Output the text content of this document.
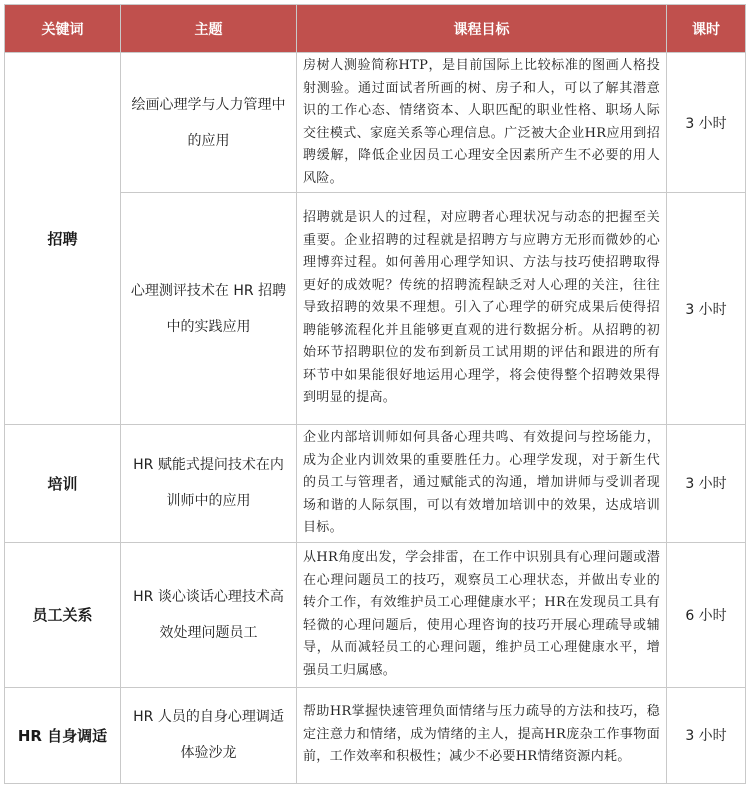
关键词	主题	课程目标	课时
招聘	绘画心理学与人力管理中的应用	房树人测验简称HTP，是目前国际上比较标准的图画人格投射测验。通过面试者所画的树、房子和人，可以了解其潜意识的工作心态、情绪资本、人职匹配的职业性格、职场人际交往模式、家庭关系等心理信息。广泛被大企业HR应用到招聘缓解，降低企业因员工心理安全因素所产生不必要的用人风险。	3 小时
	心理测评技术在 HR 招聘中的实践应用	招聘就是识人的过程，对应聘者心理状况与动态的把握至关重要。企业招聘的过程就是招聘方与应聘方无形而微妙的心理博弈过程。如何善用心理学知识、方法与技巧使招聘取得更好的成效呢？传统的招聘流程缺乏对人心理的关注，往往导致招聘的效果不理想。引入了心理学的研究成果后使得招聘能够流程化并且能够更直观的进行数据分析。从招聘的初始环节招聘职位的发布到新员工试用期的评估和跟进的所有环节中如果能很好地运用心理学，将会使得整个招聘效果得到明显的提高。	3 小时
培训	HR 赋能式提问技术在内训师中的应用	企业内部培训师如何具备心理共鸣、有效提问与控场能力，成为企业内训效果的重要胜任力。心理学发现，对于新生代的员工与管理者，通过赋能式的沟通，增加讲师与受训者现场和谐的人际氛围，可以有效增加培训中的效果，达成培训目标。	3 小时
员工关系	HR 谈心谈话心理技术高效处理问题员工	从HR角度出发，学会排雷，在工作中识别具有心理问题或潜在心理问题员工的技巧，观察员工心理状态，并做出专业的转介工作，有效维护员工心理健康水平；HR在发现员工具有轻微的心理问题后，使用心理咨询的技巧开展心理疏导或辅导，从而减轻员工的心理问题，维护员工心理健康水平，增强员工归属感。	6 小时
HR 自身调适	HR 人员的自身心理调适体验沙龙	帮助HR掌握快速管理负面情绪与压力疏导的方法和技巧，稳定注意力和情绪，成为情绪的主人，提高HR庞杂工作事物面前，工作效率和积极性；减少不必要HR情绪资源内耗。	3 小时
